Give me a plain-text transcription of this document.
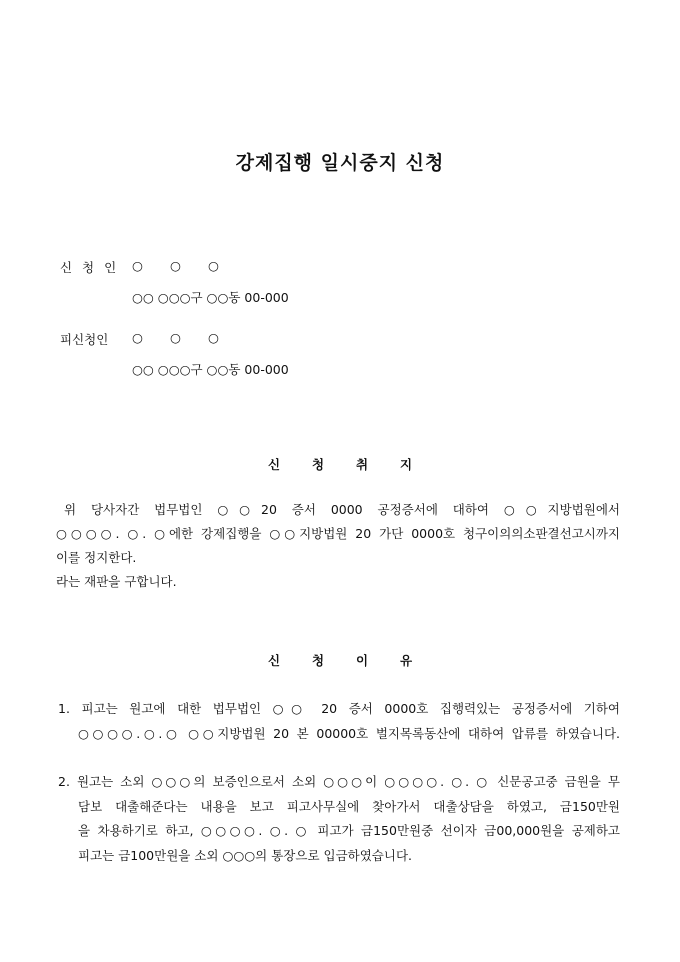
강제집행 일시중지 신청
신 청 인	○ ○ ○
○○ ○○○구 ○○동 00-000
피신청인	○ ○ ○
○○ ○○○구 ○○동 00-000
신	청	취	지
위 당사자간 법무법인 ○○20 증서 0000 공정증서에 대하여 ○○지방법원에서
○○○○. ○. ○에한 강제집행을 ○○지방법원 20 가단 0000호 청구이의의소판결선고시까지
이를 정지한다.
라는 재판을 구합니다.
신	청	이	유
1. 피고는 원고에 대한 법무법인 ○○ 20 증서 0000호 집행력있는 공정증서에 기하여
○○○○.○.○ ○○지방법원 20 본 00000호 벌지목록동산에 대하여 압류를 하였습니다.
2. 원고는 소외 ○○○의 보증인으로서 소외 ○○○이 ○○○○. ○. ○ 신문공고중 금원을 무
담보 대출해준다는 내용을 보고 피고사무실에 찾아가서 대출상담을 하였고, 금150만원
을 차용하기로 하고, ○○○○. ○. ○ 피고가 금150만원중 선이자 금00,000원을 공제하고
피고는 금100만원을 소외 ○○○의 통장으로 입금하였습니다.
